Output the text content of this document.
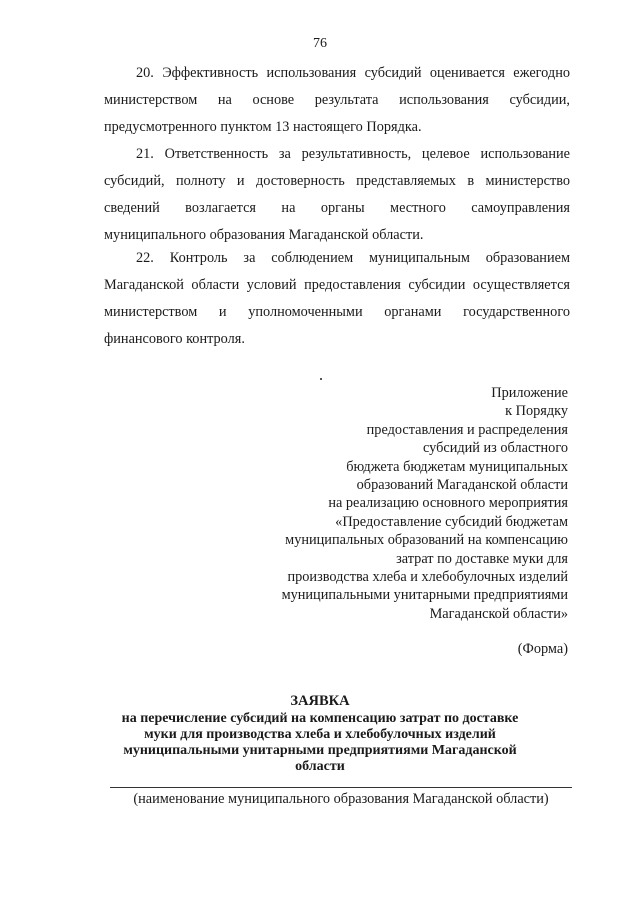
76
20. Эффективность использования субсидий оценивается ежегодно
министерством на основе результата использования субсидии,
предусмотренного пунктом 13 настоящего Порядка.
21. Ответственность за результативность, целевое использование
субсидий, полноту и достоверность представляемых в министерство
сведений возлагается на органы местного самоуправления
муниципального образования Магаданской области.
22. Контроль за соблюдением муниципальным образованием
Магаданской области условий предоставления субсидии осуществляется
министерством и уполномоченными органами государственного
финансового контроля.
Приложение
к Порядку
предоставления и распределения
субсидий из областного
бюджета бюджетам муниципальных
образований Магаданской области
на реализацию основного мероприятия
«Предоставление субсидий бюджетам
муниципальных образований на компенсацию
затрат по доставке муки для
производства хлеба и хлебобулочных изделий
муниципальными унитарными предприятиями
Магаданской области»
(Форма)
ЗАЯВКА
на перечисление субсидий на компенсацию затрат по доставке
муки для производства хлеба и хлебобулочных изделий
муниципальными унитарными предприятиями Магаданской
области
(наименование муниципального образования Магаданской области)
